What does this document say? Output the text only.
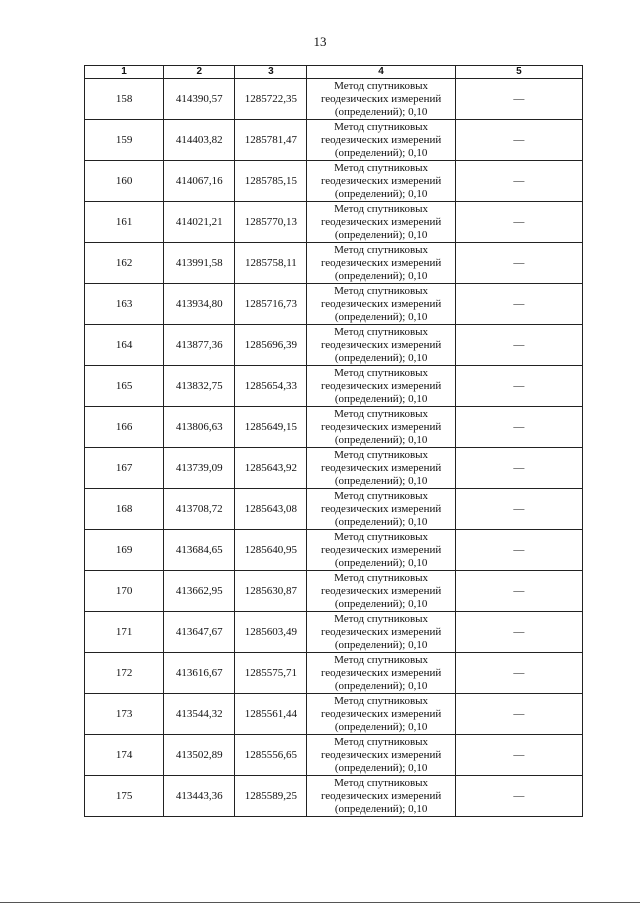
13
1	2	3	4	5
158	414390,57	1285722,35	Метод спутниковых
геодезических измерений
(определений); 0,10	—
159	414403,82	1285781,47	Метод спутниковых
геодезических измерений
(определений); 0,10	—
160	414067,16	1285785,15	Метод спутниковых
геодезических измерений
(определений); 0,10	—
161	414021,21	1285770,13	Метод спутниковых
геодезических измерений
(определений); 0,10	—
162	413991,58	1285758,11	Метод спутниковых
геодезических измерений
(определений); 0,10	—
163	413934,80	1285716,73	Метод спутниковых
геодезических измерений
(определений); 0,10	—
164	413877,36	1285696,39	Метод спутниковых
геодезических измерений
(определений); 0,10	—
165	413832,75	1285654,33	Метод спутниковых
геодезических измерений
(определений); 0,10	—
166	413806,63	1285649,15	Метод спутниковых
геодезических измерений
(определений); 0,10	—
167	413739,09	1285643,92	Метод спутниковых
геодезических измерений
(определений); 0,10	—
168	413708,72	1285643,08	Метод спутниковых
геодезических измерений
(определений); 0,10	—
169	413684,65	1285640,95	Метод спутниковых
геодезических измерений
(определений); 0,10	—
170	413662,95	1285630,87	Метод спутниковых
геодезических измерений
(определений); 0,10	—
171	413647,67	1285603,49	Метод спутниковых
геодезических измерений
(определений); 0,10	—
172	413616,67	1285575,71	Метод спутниковых
геодезических измерений
(определений); 0,10	—
173	413544,32	1285561,44	Метод спутниковых
геодезических измерений
(определений); 0,10	—
174	413502,89	1285556,65	Метод спутниковых
геодезических измерений
(определений); 0,10	—
175	413443,36	1285589,25	Метод спутниковых
геодезических измерений
(определений); 0,10	—
